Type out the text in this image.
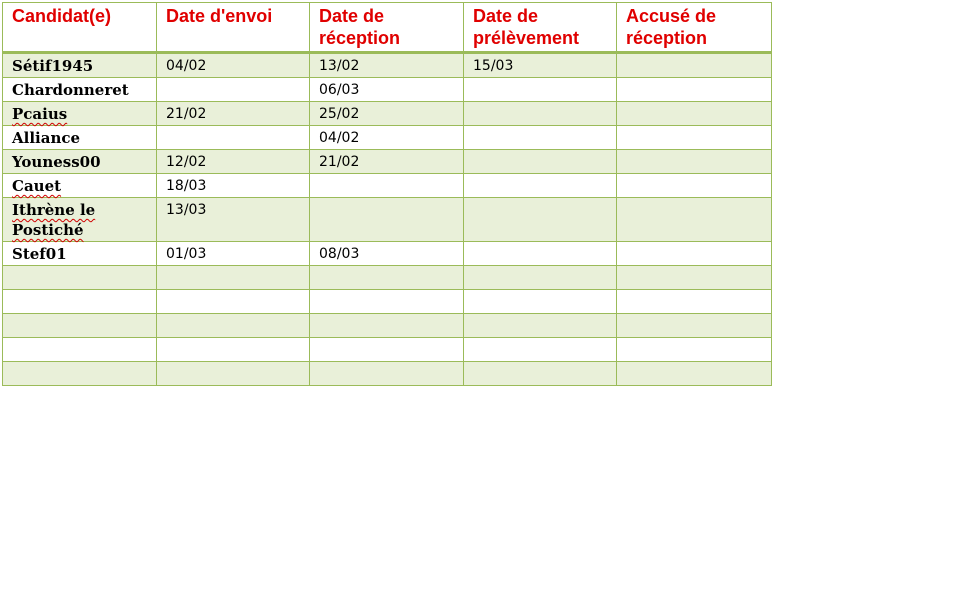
Candidat(e)	Date d'envoi	Date de réception	Date de prélèvement	Accusé de réception
Sétif1945	04/02	13/02	15/03	
Chardonneret		06/03		
Pcaius	21/02	25/02		
Alliance		04/02		
Youness00	12/02	21/02		
Cauet	18/03			
Ithrène le Postiché	13/03			
Stef01	01/03	08/03		
